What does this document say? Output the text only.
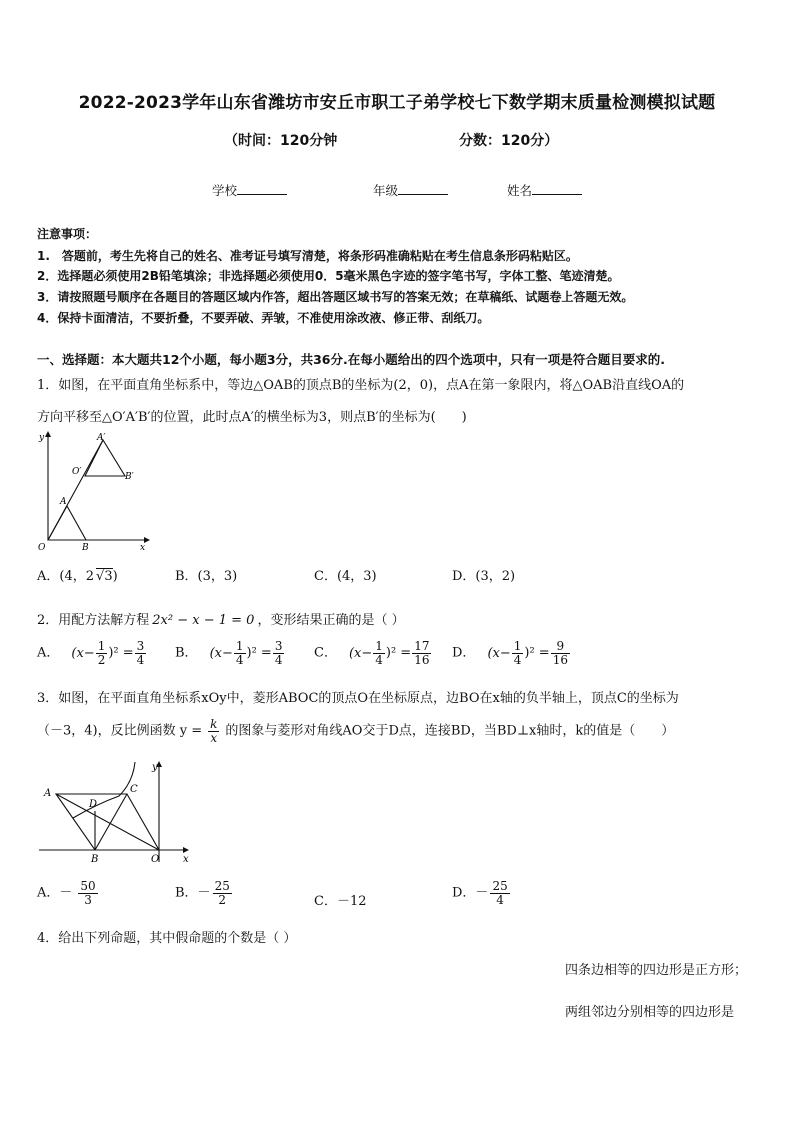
2022-2023学年山东省潍坊市安丘市职工子弟学校七下数学期末质量检测模拟试题
（时间：120分钟	分数：120分）
学校	年级	姓名
注意事项：
1.　答题前，考生先将自己的姓名、准考证号填写清楚，将条形码准确粘贴在考生信息条形码粘贴区。
2．选择题必须使用2B铅笔填涂；非选择题必须使用0．5毫米黑色字迹的签字笔书写，字体工整、笔迹清楚。
3．请按照题号顺序在各题目的答题区域内作答，超出答题区域书写的答案无效；在草稿纸、试题卷上答题无效。
4．保持卡面清洁，不要折叠，不要弄破、弄皱，不准使用涂改液、修正带、刮纸刀。
一、选择题：本大题共12个小题，每小题3分，共36分.在每小题给出的四个选项中，只有一项是符合题目要求的.
1．如图，在平面直角坐标系中，等边△OAB的顶点B的坐标为(2，0)，点A在第一象限内，将△OAB沿直线OA的
方向平移至△O′A′B′的位置，此时点A′的横坐标为3，则点B′的坐标为(　　)
y	A′
O′	B′
A
O	B	x
A．(4，2 √3)	B．(3，3)	C．(4，3)	D．(3，2)
2．用配方法解方程 2x² − x − 1 = 0 ，变形结果正确的是（ ）
A． $(x- \frac{1}{2} )^2 = \frac{3}{4}$ B． $(x- \frac{1}{4} )^2 = \frac{3}{4}$ C． $(x- \frac{1}{4} )^2 = \frac{17}{16}$ D． $(x- \frac{1}{4} )^2 = \frac{9}{16}$
3．如图，在平面直角坐标系xOy中，菱形ABOC的顶点O在坐标原点，边BO在x轴的负半轴上，顶点C的坐标为
（－3，4)，反比例函数 $y = \frac{k}{x}$ 的图象与菱形对角线AO交于D点，连接BD，当BD⊥x轴时，k的值是（　　）
y
A
D
C
B	O x
A．－ $\frac{50}{3}$	B．－ $\frac{25}{2}$	C．－12
D．－ $\frac{25}{4}$
4．给出下列命题，其中假命题的个数是（ ）
四条边相等的四边形是正方形；
两组邻边分别相等的四边形是
